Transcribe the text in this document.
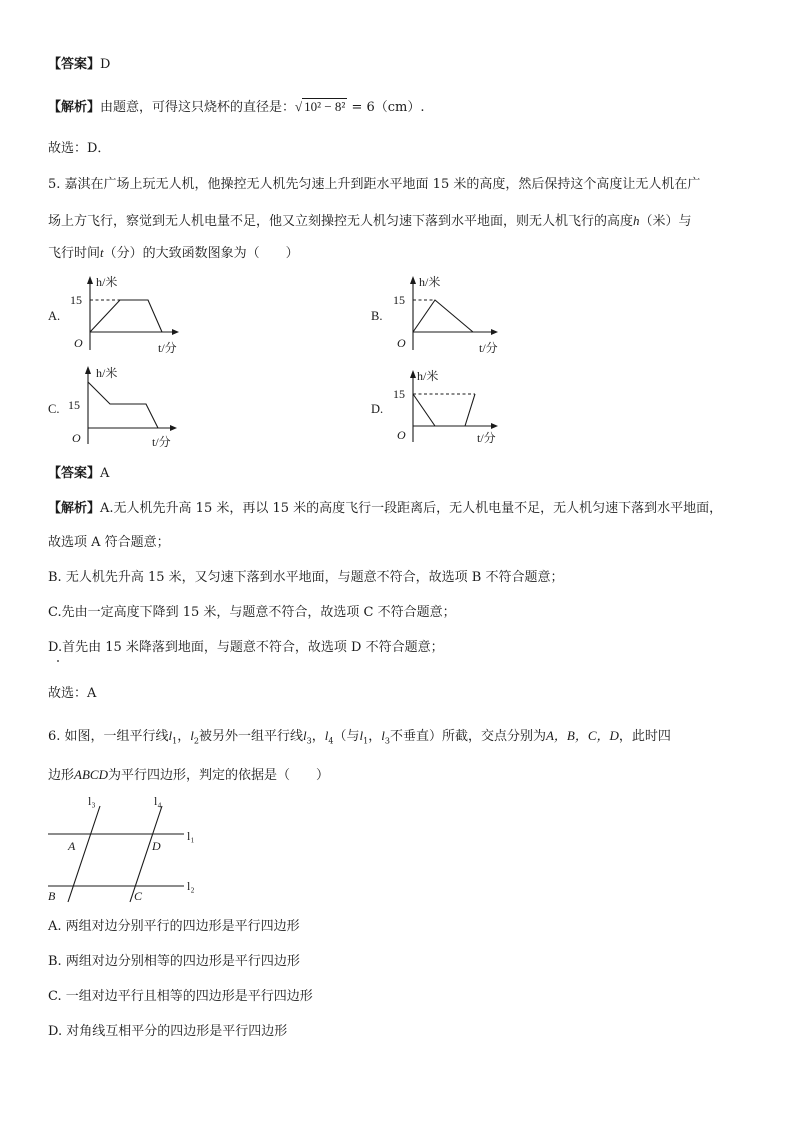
【答案】D
【解析】由题意，可得这只烧杯的直径是：√ 10² − 8² = 6（cm）.
故选：D．
5. 嘉淇在广场上玩无人机，他操控无人机先匀速上升到距水平地面 15 米的高度，然后保持这个高度让无人机在广
场上方飞行，察觉到无人机电量不足，他又立刻操控无人机匀速下落到水平地面，则无人机飞行的高度h（米）与
飞行时间t（分）的大致函数图象为（　　）
A.	B.
C.	D.
h/米
15
O	t/分
h/米
15
O	t/分
h/米
15
O	t/分
h/米
15
O	t/分
【答案】A
【解析】A.无人机先升高 15 米，再以 15 米的高度飞行一段距离后，无人机电量不足，无人机匀速下落到水平地面，
故选项 A 符合题意；
B. 无人机先升高 15 米，又匀速下落到水平地面，与题意不符合，故选项 B 不符合题意；
C.先由一定高度下降到 15 米，与题意不符合，故选项 C 不符合题意；
D.首先由 15 米降落到地面，与题意不符合，故选项 D 不符合题意；
故选：A
6. 如图，一组平行线$l_1$，$l_2$被另外一组平行线$l_3$，$l_4$（与$l_1$，$l_3$不垂直）所截，交点分别为A，B，C，D，此时四
边形ABCD为平行四边形，判定的依据是（　　）
l₃	l₄
l₁
l₂
A	D
B	C
A. 两组对边分别平行的四边形是平行四边形
B. 两组对边分别相等的四边形是平行四边形
C. 一组对边平行且相等的四边形是平行四边形
D. 对角线互相平分的四边形是平行四边形
